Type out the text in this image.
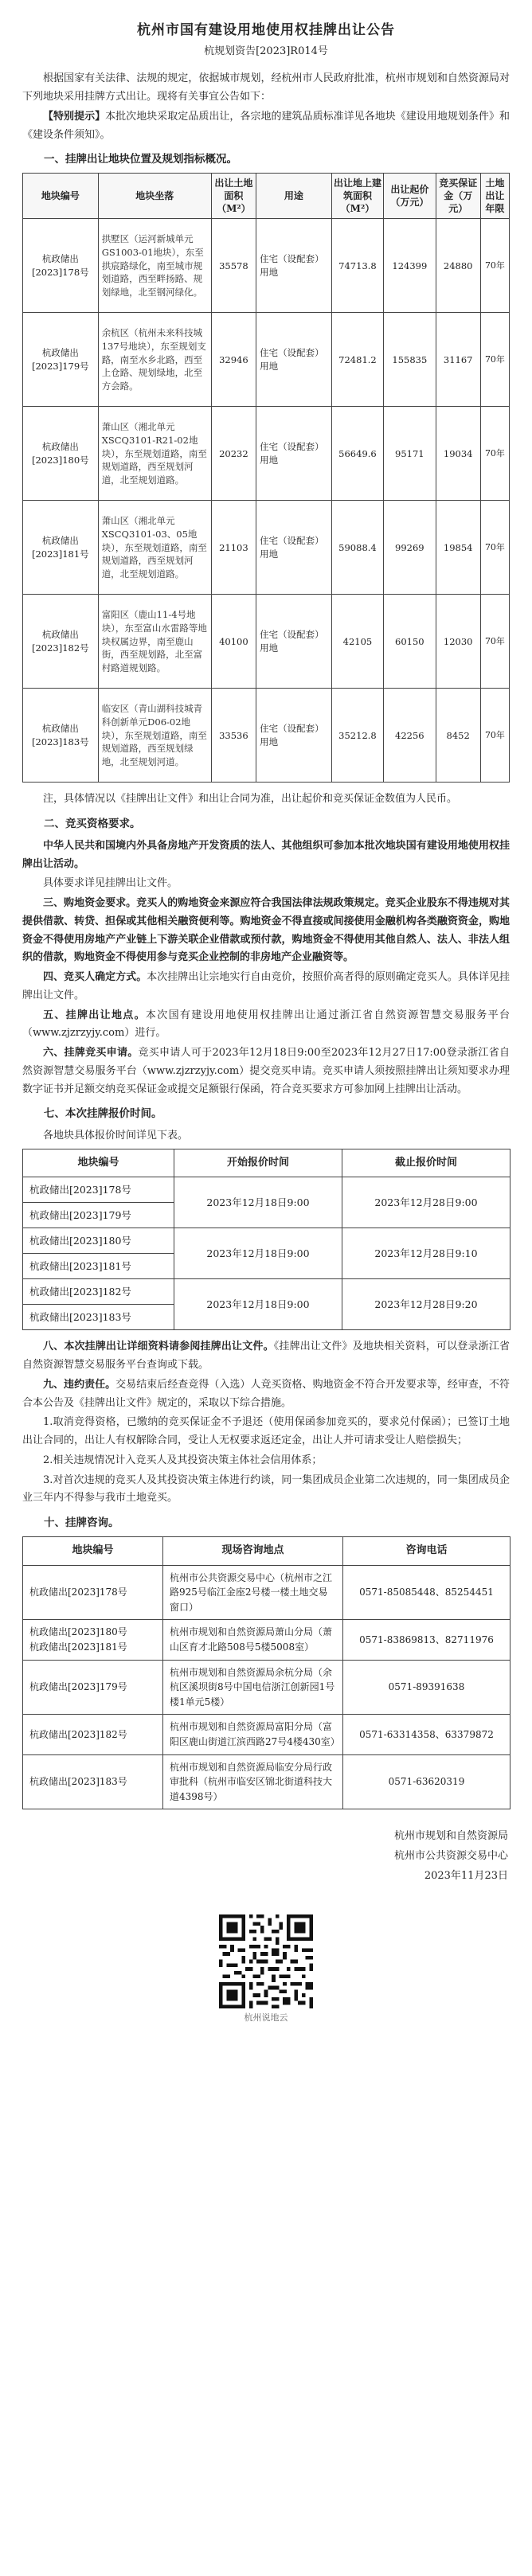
杭州市国有建设用地使用权挂牌出让公告
杭规划资告[2023]R014号

根据国家有关法律、法规的规定，依据城市规划，经杭州市人民政府批准，杭州市规划和自然资源局对下列地块采用挂牌方式出让。现将有关事宜公告如下：

【特别提示】本批次地块采取定品质出让，各宗地的建筑品质标准详见各地块《建设用地规划条件》和《建设条件须知》。

一、挂牌出让地块位置及规划指标概况。
地块编号	地块坐落	出让土地面积（M²）	用途	出让地上建筑面积（M²）	出让起价（万元）	竞买保证金（万元）	土地出让年限
杭政储出[2023]178号	拱墅区（运河新城单元GS1003-01地块），东至拱宸路绿化，南至城市规划道路，西至畔扬路、规划绿地，北至钢河绿化。	35578	住宅（设配套）用地	74713.8	124399	24880	70年
杭政储出[2023]179号	余杭区（杭州未来科技城137号地块），东至规划支路，南至水乡北路，西至上仓路、规划绿地，北至方会路。	32946	住宅（设配套）用地	72481.2	155835	31167	70年
杭政储出[2023]180号	萧山区（湘北单元XSCQ3101-R21-02地块），东至规划道路，南至规划道路，西至规划河道，北至规划道路。	20232	住宅（设配套）用地	56649.6	95171	19034	70年
杭政储出[2023]181号	萧山区（湘北单元XSCQ3101-03、05地块），东至规划道路，南至规划道路，西至规划河道，北至规划道路。	21103	住宅（设配套）用地	59088.4	99269	19854	70年
杭政储出[2023]182号	富阳区（鹿山11-4号地块），东至富山水雷路等地块权属边界，南至鹿山街，西至规划路，北至富村路道规划路。	40100	住宅（设配套）用地	42105	60150	12030	70年
杭政储出[2023]183号	临安区（青山湖科技城青科创新单元D06-02地块），东至规划道路，南至规划道路，西至规划绿地，北至规划河道。	33536	住宅（设配套）用地	35212.8	42256	8452	70年

注，具体情况以《挂牌出让文件》和出让合同为准，出让起价和竞买保证金数值为人民币。

二、竞买资格要求。

中华人民共和国境内外具备房地产开发资质的法人、其他组织可参加本批次地块国有建设用地使用权挂牌出让活动。

具体要求详见挂牌出让文件。

三、购地资金要求。竞买人的购地资金来源应符合我国法律法规政策规定。竞买企业股东不得违规对其提供借款、转贷、担保或其他相关融资便利等。购地资金不得直接或间接使用金融机构各类融资资金，购地资金不得使用房地产产业链上下游关联企业借款或预付款，购地资金不得使用其他自然人、法人、非法人组织的借款，购地资金不得使用参与竞买企业控制的非房地产企业融资等。

四、竞买人确定方式。本次挂牌出让宗地实行自由竞价，按照价高者得的原则确定竞买人。具体详见挂牌出让文件。

五、挂牌出让地点。本次国有建设用地使用权挂牌出让通过浙江省自然资源智慧交易服务平台（www.zjzrzyjy.com）进行。

六、挂牌竞买申请。竞买申请人可于2023年12月18日9:00至2023年12月27日17:00登录浙江省自然资源智慧交易服务平台（www.zjzrzyjy.com）提交竞买申请。竞买申请人须按照挂牌出让须知要求办理数字证书并足额交纳竞买保证金或提交足额银行保函，符合竞买要求方可参加网上挂牌出让活动。

七、本次挂牌报价时间。

各地块具体报价时间详见下表。

地块编号	开始报价时间	截止报价时间
杭政储出[2023]178号	2023年12月18日9:00	2023年12月28日9:00
杭政储出[2023]179号		
杭政储出[2023]180号	2023年12月18日9:00	2023年12月28日9:10
杭政储出[2023]181号		
杭政储出[2023]182号	2023年12月18日9:00	2023年12月28日9:20
杭政储出[2023]183号		

八、本次挂牌出让详细资料请参阅挂牌出让文件。《挂牌出让文件》及地块相关资料，可以登录浙江省自然资源智慧交易服务平台查询或下载。

九、违约责任。交易结束后经查竞得（入选）人竞买资格、购地资金不符合开发要求等，经审查，不符合本公告及《挂牌出让文件》规定的，采取以下综合措施。

1.取消竞得资格，已缴纳的竞买保证金不予退还（使用保函参加竞买的，要求兑付保函）；已签订土地出让合同的，出让人有权解除合同，受让人无权要求返还定金，出让人并可请求受让人赔偿损失；

2.相关违规情况计入竞买人及其投资决策主体社会信用体系；

3.对首次违规的竞买人及其投资决策主体进行约谈，同一集团成员企业第二次违规的，同一集团成员企业三年内不得参与我市土地竞买。

十、挂牌咨询。
地块编号	现场咨询地点	咨询电话
杭政储出[2023]178号	杭州市公共资源交易中心（杭州市之江路925号临江金座2号楼一楼土地交易窗口）	0571-85085448、85254451

杭政储出[2023]180号
杭政储出[2023]181号	杭州市规划和自然资源局萧山分局（萧山区育才北路508号5楼5008室）	0571-83869813、82711976
杭政储出[2023]179号	杭州市规划和自然资源局余杭分局（余杭区溪坝街8号中国电信浙江创新园1号楼1单元5楼）	0571-89391638
杭政储出[2023]182号	杭州市规划和自然资源局富阳分局（富阳区鹿山街道江滨西路27号4楼430室）	0571-63314358、63379872
杭政储出[2023]183号	杭州市规划和自然资源局临安分局行政审批科（杭州市临安区锦北街道科技大道4398号）	0571-63620319
杭州市规划和自然资源局
杭州市公共资源交易中心
2023年11月23日
杭州说地云
